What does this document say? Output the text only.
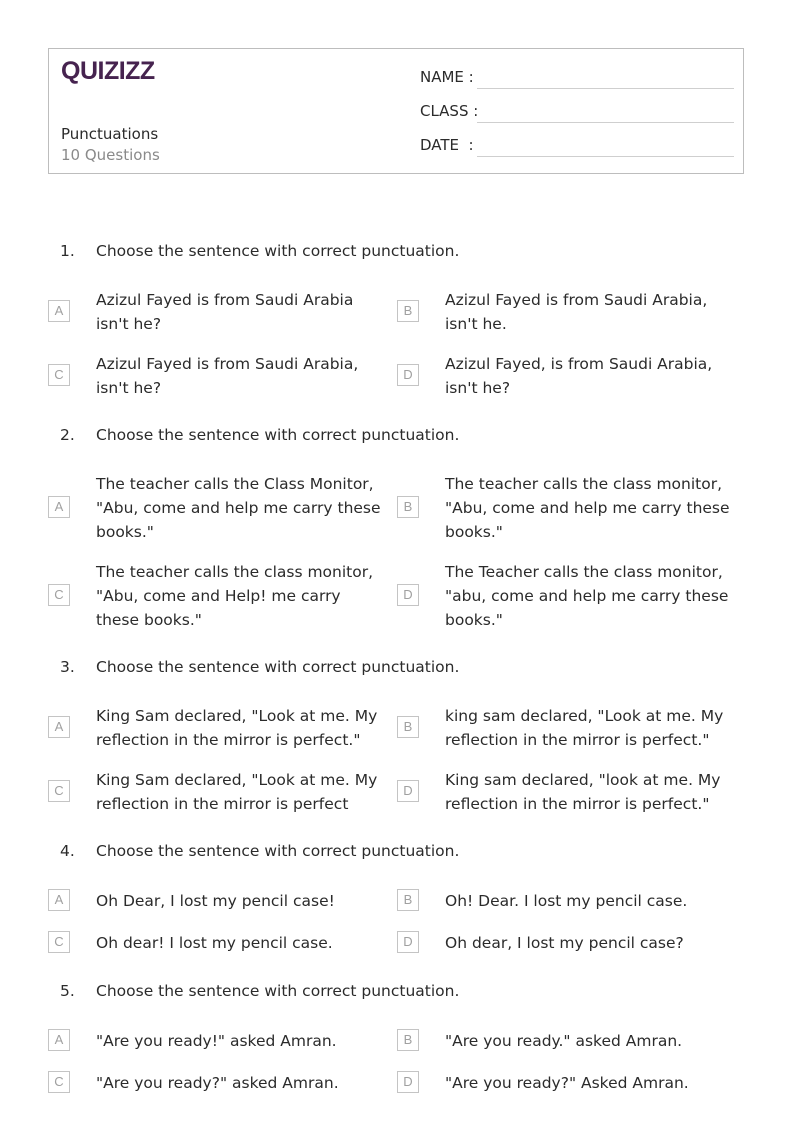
QUIZIZZ
Punctuations
10 Questions
NAME :
CLASS :
DATE  :
1. Choose the sentence with correct punctuation.
A
Azizul Fayed is from Saudi Arabia isn't he?
B
Azizul Fayed is from Saudi Arabia, isn't he.
C
Azizul Fayed is from Saudi Arabia, isn't he?
D
Azizul Fayed, is from Saudi Arabia, isn't he?
2. Choose the sentence with correct punctuation.
A
The teacher calls the Class Monitor, "Abu, come and help me carry these books."
B
The teacher calls the class monitor, "Abu, come and help me carry these books."
C
The teacher calls the class monitor, "Abu, come and Help! me carry these books."
D
The Teacher calls the class monitor, "abu, come and help me carry these books."
3. Choose the sentence with correct punctuation.
A
King Sam declared, "Look at me. My reflection in the mirror is perfect."
B
king sam declared, "Look at me. My reflection in the mirror is perfect."
C
King Sam declared, "Look at me. My reflection in the mirror is perfect
D
King sam declared, "look at me. My reflection in the mirror is perfect."
4. Choose the sentence with correct punctuation.
A	Oh Dear, I lost my pencil case!	B	Oh! Dear. I lost my pencil case.
C	Oh dear! I lost my pencil case.	D	Oh dear, I lost my pencil case?
5. Choose the sentence with correct punctuation.
A	"Are you ready!" asked Amran.	B	"Are you ready." asked Amran.
C	"Are you ready?" asked Amran.	D	"Are you ready?" Asked Amran.
